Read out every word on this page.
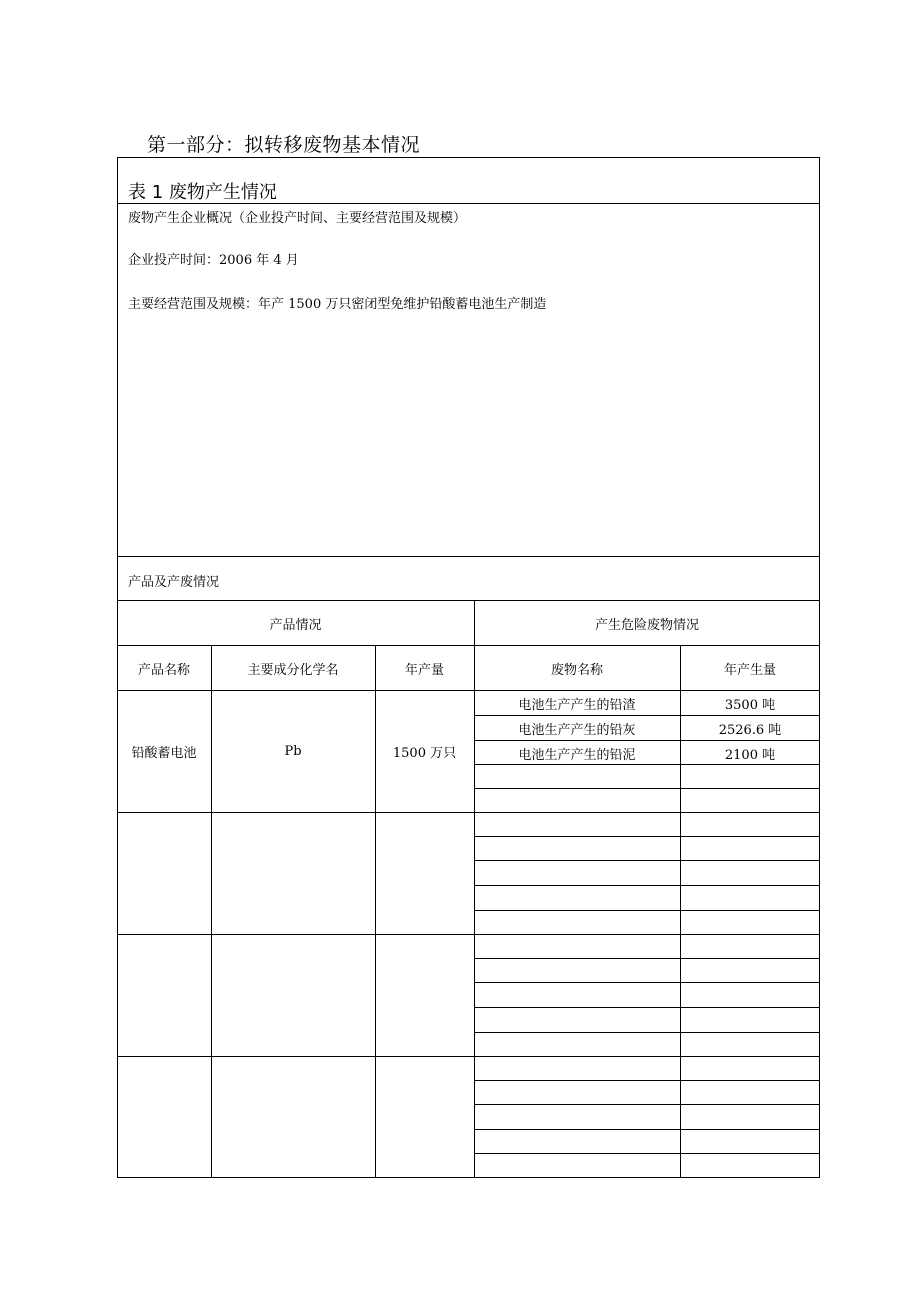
第一部分：拟转移废物基本情况
表 1 废物产生情况
废物产生企业概况（企业投产时间、主要经营范围及规模）
企业投产时间：2006 年 4 月
主要经营范围及规模：年产 1500 万只密闭型免维护铅酸蓄电池生产制造
产品及产废情况
产品情况	产生危险废物情况
产品名称	主要成分化学名	年产量	废物名称	年产生量
铅酸蓄电池	Pb	1500 万只
电池生产产生的铅渣	3500 吨
电池生产产生的铅灰	2526.6 吨
电池生产产生的铅泥	2100 吨
